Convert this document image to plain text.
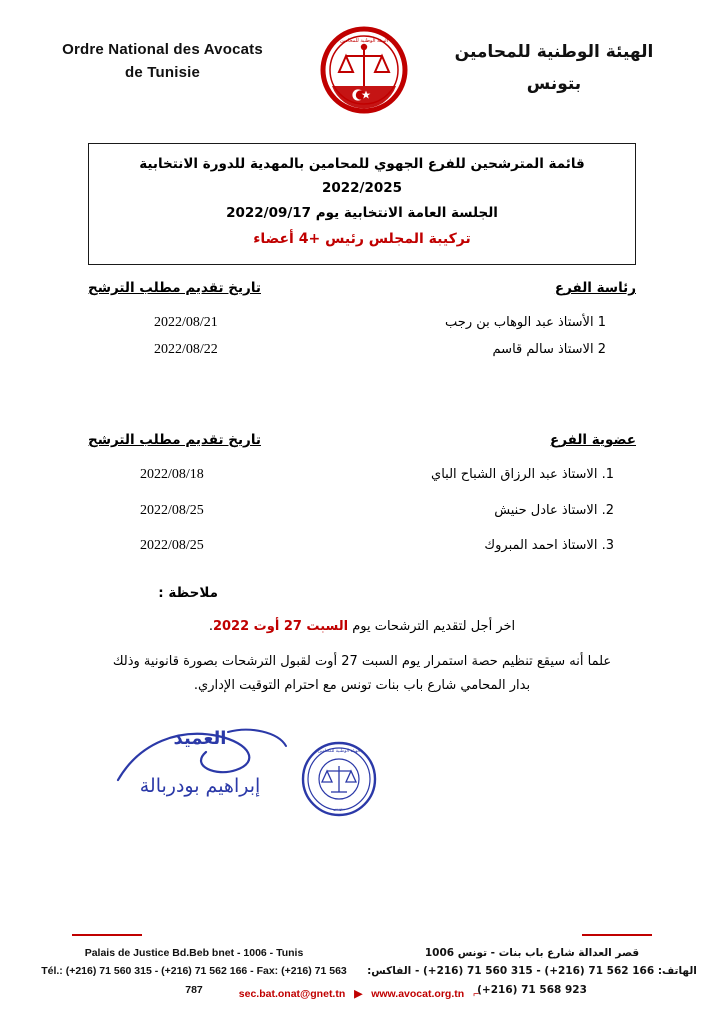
Ordre National des Avocats
de Tunisie
الهيئة الوطنية للمحامين
الهيئة الوطنية للمحامين
بتونس
قائمة المترشحين للفرع الجهوي للمحامين بالمهدية للدورة الانتخابية 2022/2025
الجلسة العامة الانتخابية يوم 2022/09/17
تركيبة المجلس رئيس +4 أعضاء
رئاسة الفرع
تاريخ تقديم مطلب الترشح
1 الأستاذ عبد الوهاب بن رجب
2022/08/21
2 الاستاذ سالم قاسم
2022/08/22
عضوية الفرع
تاريخ تقديم مطلب الترشح
1. الاستاذ عبد الرزاق الشباح الباي
2022/08/18
2. الاستاذ عادل حنيش
2022/08/25
3. الاستاذ احمد المبروك
2022/08/25
ملاحظة :
اخر أجل لتقديم الترشحات يوم السبت 27 أوت 2022.
علما أنه سيقع تنظيم حصة استمرار يوم السبت 27 أوت لقبول الترشحات بصورة قانونية وذلك بدار المحامي شارع باب بنات تونس مع احترام التوقيت الإداري.
العميد
إبراهيم بودربالة
الهيئة الوطنية للمحامين
بتونس
Palais de Justice Bd.Beb bnet - 1006 - Tunis
Tél.: (+216) 71 560 315 - (+216) 71 562 166 - Fax: (+216) 71 563 787
قصر العدالة شارع باب بنات - تونس 1006
الهاتف: 166 562 71 (216+) - 315 560 71 (216+) - الفاكس: 923 568 71 (216+)
sec.bat.onat@gnet.tn ▶ www.avocat.org.tn ⌐
